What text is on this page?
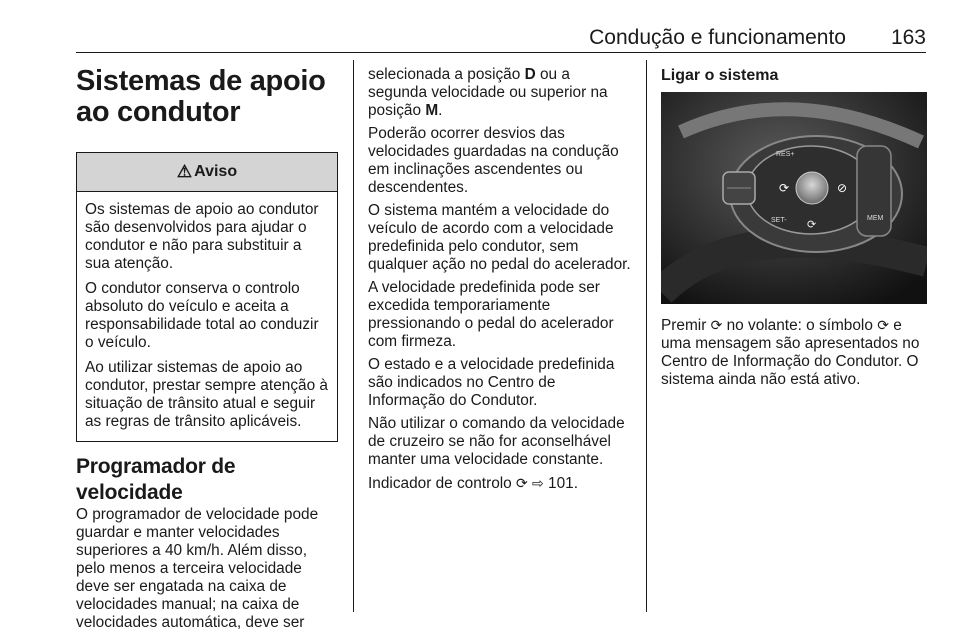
Condução e funcionamento 163
Sistemas de apoio ao condutor
⚠ Aviso

Os sistemas de apoio ao condutor são desenvolvidos para ajudar o condutor e não para substituir a sua atenção.

O condutor conserva o controlo absoluto do veículo e aceita a responsabilidade total ao conduzir o veículo.

Ao utilizar sistemas de apoio ao condutor, prestar sempre atenção à situação de trânsito atual e seguir as regras de trânsito aplicáveis.

Programador de velocidade

O programador de velocidade pode guardar e manter velocidades superiores a 40 km/h. Além disso, pelo menos a terceira velocidade deve ser engatada na caixa de velocidades manual; na caixa de velocidades automática, deve ser

selecionada a posição D ou a segunda velocidade ou superior na posição M.

Poderão ocorrer desvios das velocidades guardadas na condução em inclinações ascendentes ou descendentes.

O sistema mantém a velocidade do veículo de acordo com a velocidade predefinida pelo condutor, sem qualquer ação no pedal do acelerador.

A velocidade predefinida pode ser excedida temporariamente pressionando o pedal do acelerador com firmeza.

O estado e a velocidade predefinida são indicados no Centro de Informação do Condutor.

Não utilizar o comando da velocidade de cruzeiro se não for aconselhável manter uma velocidade constante.

Indicador de controlo ⟳ ⇨ 101.

Ligar o sistema
RES+
SET-	MEM
⟳	⊘
⟳

Premir ⟳ no volante: o símbolo ⟳ e uma mensagem são apresentados no Centro de Informação do Condutor. O sistema ainda não está ativo.
